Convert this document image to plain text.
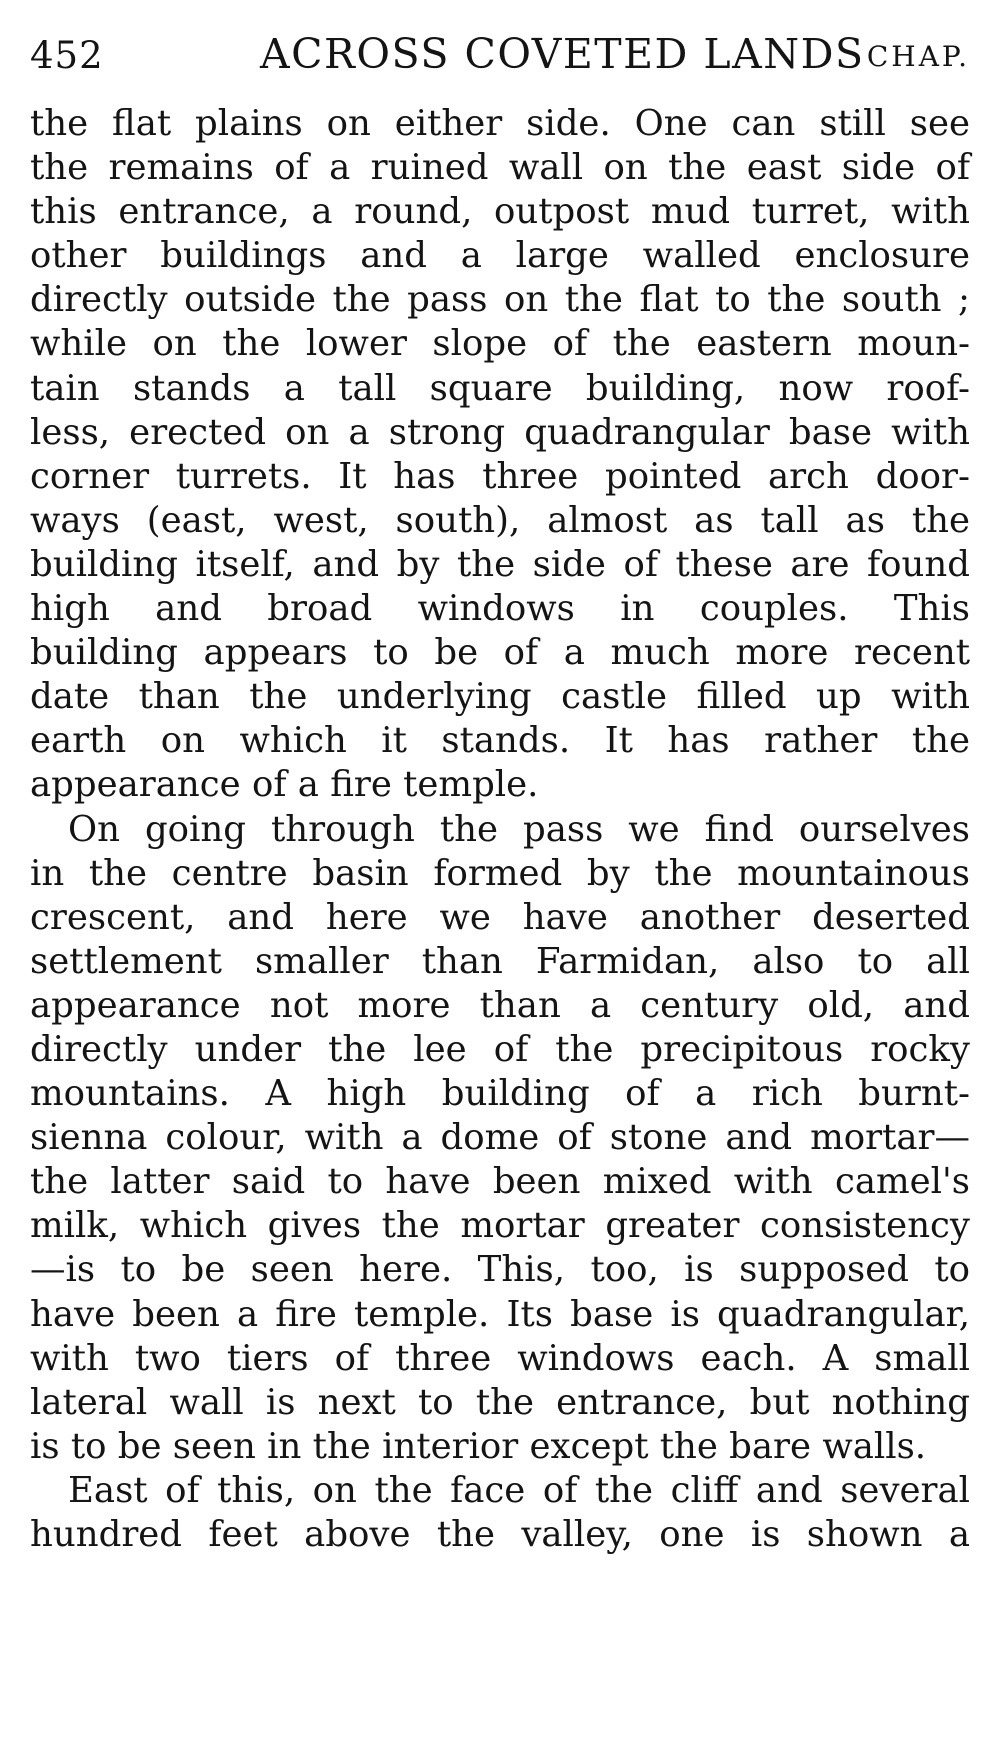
452	ACROSS COVETED LANDS CHAP.
the flat plains on either side. One can still see
the remains of a ruined wall on the east side of
this entrance, a round, outpost mud turret, with
other buildings and a large walled enclosure
directly outside the pass on the flat to the south ;
while on the lower slope of the eastern moun-
tain stands a tall square building, now roof-
less, erected on a strong quadrangular base with
corner turrets. It has three pointed arch door-
ways (east, west, south), almost as tall as the
building itself, and by the side of these are found
high and broad windows in couples. This
building appears to be of a much more recent
date than the underlying castle filled up with
earth on which it stands. It has rather the
appearance of a fire temple.
On going through the pass we find ourselves
in the centre basin formed by the mountainous
crescent, and here we have another deserted
settlement smaller than Farmidan, also to all
appearance not more than a century old, and
directly under the lee of the precipitous rocky
mountains. A high building of a rich burnt-
sienna colour, with a dome of stone and mortar—
the latter said to have been mixed with camel's
milk, which gives the mortar greater consistency
—is to be seen here. This, too, is supposed to
have been a fire temple. Its base is quadrangular,
with two tiers of three windows each. A small
lateral wall is next to the entrance, but nothing
is to be seen in the interior except the bare walls.
East of this, on the face of the cliff and several
hundred feet above the valley, one is shown a
